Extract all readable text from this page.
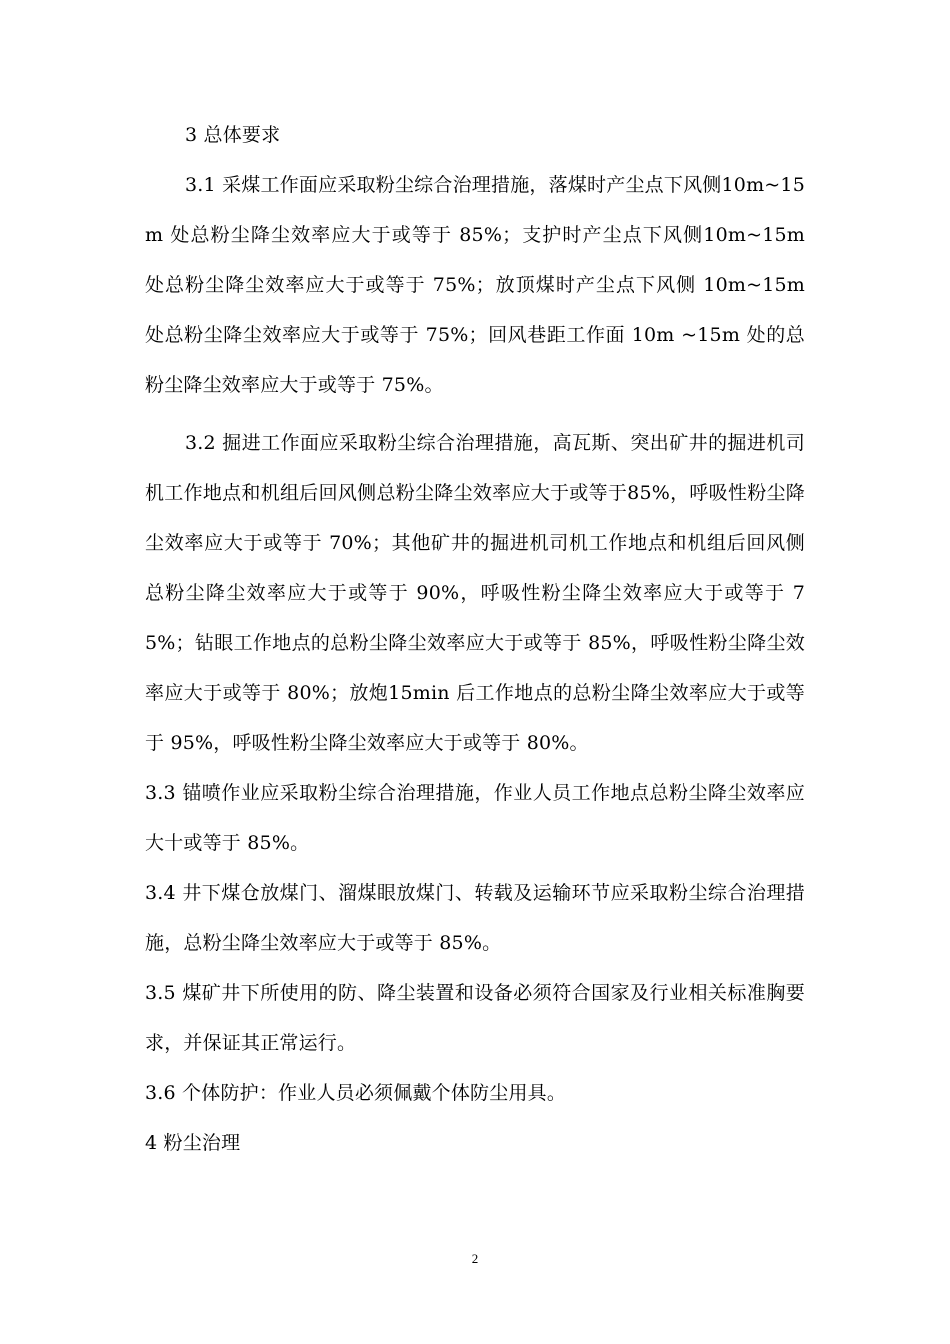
3 总体要求

3.1 采煤工作面应采取粉尘综合治理措施，落煤时产尘点下风侧10m~15m 处总粉尘降尘效率应大于或等于 85%；支护时产尘点下风侧10m~15m 处总粉尘降尘效率应大于或等于 75%；放顶煤时产尘点下风侧 10m~15m 处总粉尘降尘效率应大于或等于 75%；回风巷距工作面 10m ~15m 处的总粉尘降尘效率应大于或等于 75%。

3.2 掘进工作面应采取粉尘综合治理措施，高瓦斯、突出矿井的掘进机司机工作地点和机组后回风侧总粉尘降尘效率应大于或等于85%，呼吸性粉尘降尘效率应大于或等于 70%；其他矿井的掘进机司机工作地点和机组后回风侧总粉尘降尘效率应大于或等于 90%，呼吸性粉尘降尘效率应大于或等于 75%；钻眼工作地点的总粉尘降尘效率应大于或等于 85%，呼吸性粉尘降尘效率应大于或等于 80%；放炮15min 后工作地点的总粉尘降尘效率应大于或等于 95%，呼吸性粉尘降尘效率应大于或等于 80%。

3.3 锚喷作业应采取粉尘综合治理措施，作业人员工作地点总粉尘降尘效率应大十或等于 85%。

3.4 井下煤仓放煤门、溜煤眼放煤门、转载及运输环节应采取粉尘综合治理措施，总粉尘降尘效率应大于或等于 85%。

3.5 煤矿井下所使用的防、降尘装置和设备必须符合国家及行业相关标准胸要求，并保证其正常运行。

3.6 个体防护：作业人员必须佩戴个体防尘用具。

4 粉尘治理

2
